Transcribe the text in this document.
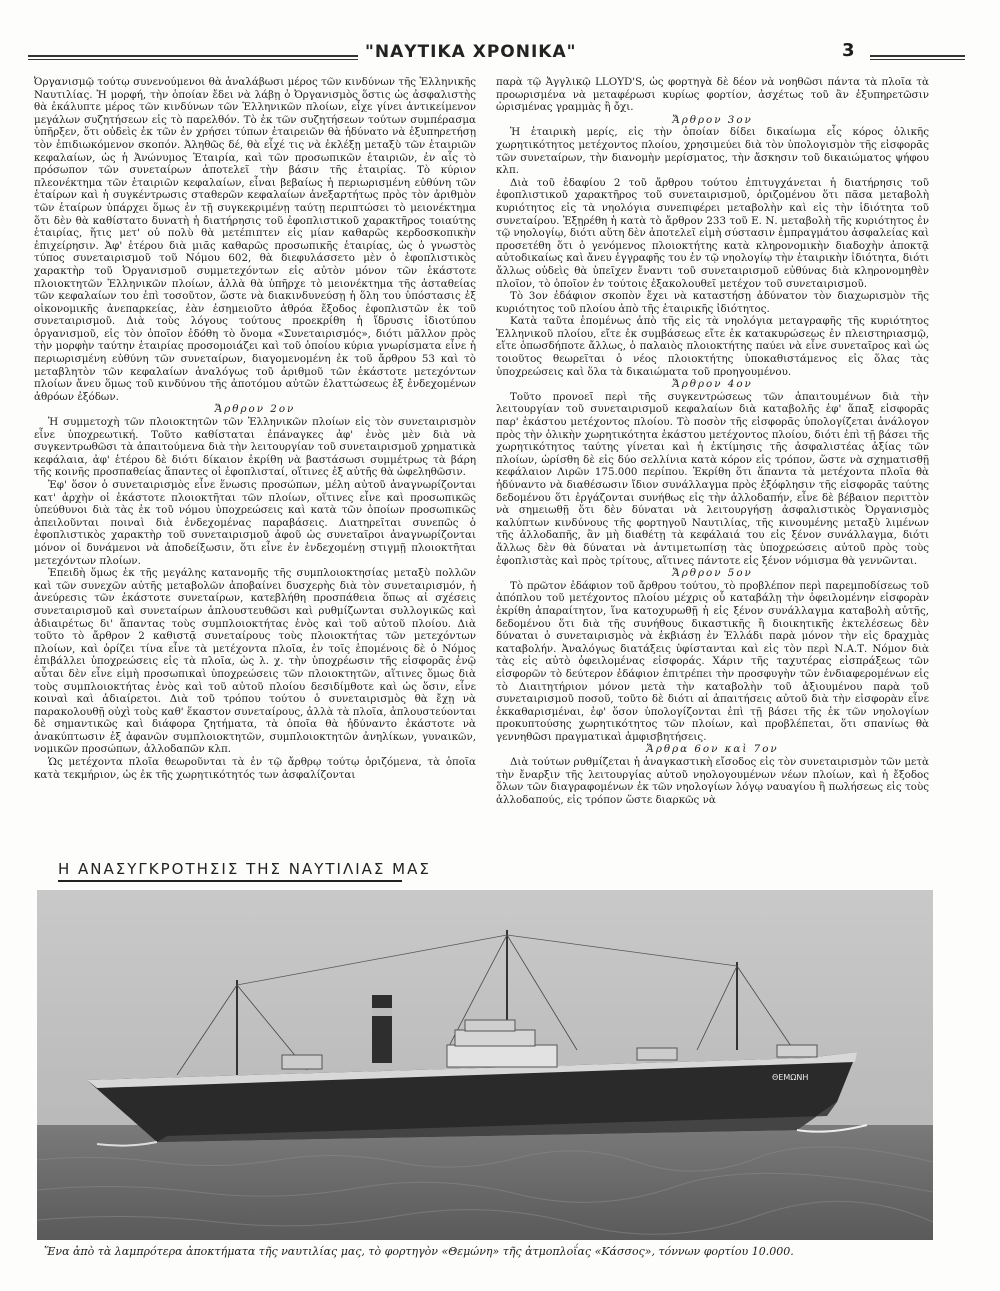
"ΝΑΥΤΙΚΑ ΧΡΟΝΙΚΑ"	3

Ὀργανισμῷ τούτῳ συνενούμενοι θὰ ἀναλάβωσι μέρος τῶν κινδύνων τῆς Ἑλληνικῆς Ναυτιλίας. Ἡ μορφή, τὴν ὁποίαν ἔδει νὰ λάβῃ ὁ Ὀργανισμὸς ὅστις ὡς ἀσφαλιστὴς θὰ ἐκάλυπτε μέρος τῶν κινδύνων τῶν Ἑλληνικῶν πλοίων, εἶχε γίνει ἀντικείμενον μεγάλων συζητήσεων εἰς τὸ παρελθόν. Τὸ ἐκ τῶν συζητήσεων τούτων συμπέρασμα ὑπῆρξεν, ὅτι οὐδεὶς ἐκ τῶν ἐν χρήσει τύπων ἑταιρειῶν θὰ ἠδύνατο νὰ ἐξυπηρετήσῃ τὸν ἐπιδιωκόμενον σκοπόν. Ἀληθῶς δέ, θὰ εἶχέ τις νὰ ἐκλέξῃ μεταξὺ τῶν ἑταιριῶν κεφαλαίων, ὡς ἡ Ἀνώνυμος Ἑταιρία, καὶ τῶν προσωπικῶν ἑταιριῶν, ἐν αἷς τὸ πρόσωπον τῶν συνεταίρων ἀποτελεῖ τὴν βάσιν τῆς ἑταιρίας. Τὸ κύριον πλεονέκτημα τῶν ἑταιριῶν κεφαλαίων, εἶναι βεβαίως ἡ περιωρισμένη εὐθύνη τῶν ἑταίρων καὶ ἡ συγκέντρωσις σταθερῶν κεφαλαίων ἀνεξαρτήτως πρὸς τὸν ἀριθμὸν τῶν ἑταίρων ὑπάρχει ὅμως ἐν τῇ συγκεκριμένῃ ταύτῃ περιπτώσει τὸ μειονέκτημα ὅτι δὲν θὰ καθίστατο δυνατὴ ἡ διατήρησις τοῦ ἐφοπλιστικοῦ χαρακτῆρος τοιαύτης ἑταιρίας, ἥτις μετ' οὐ πολὺ θὰ μετέπιπτεν εἰς μίαν καθαρῶς κερδοσκοπικὴν ἐπιχείρησιν. Ἀφ' ἑτέρου διὰ μιᾶς καθαρῶς προσωπικῆς ἑταιρίας, ὡς ὁ γνωστὸς τύπος συνεταιρισμοῦ τοῦ Νόμου 602, θὰ διεφυλάσσετο μὲν ὁ ἐφοπλιστικὸς χαρακτὴρ τοῦ Ὀργανισμοῦ συμμετεχόντων εἰς αὐτὸν μόνον τῶν ἑκάστοτε πλοιοκτητῶν Ἑλληνικῶν πλοίων, ἀλλὰ θὰ ὑπῆρχε τὸ μειονέκτημα τῆς ἀσταθείας τῶν κεφαλαίων του ἐπὶ τοσοῦτον, ὥστε νὰ διακινδυνεύσῃ ἡ ὅλη του ὑπόστασις ἐξ οἰκονομικῆς ἀνεπαρκείας, ἐὰν ἐσημειοῦτο ἀθρόα ἔξοδος ἐφοπλιστῶν ἐκ τοῦ συνεταιρισμοῦ. Διὰ τοὺς λόγους τούτους προεκρίθη ἡ ἵδρυσις ἰδιοτύπου ὀργανισμοῦ, εἰς τὸν ὁποῖον ἐδόθη τὸ ὄνομα «Συνεταιρισμός», διότι μᾶλλον πρὸς τὴν μορφὴν ταύτην ἑταιρίας προσομοιάζει καὶ τοῦ ὁποίου κύρια γνωρίσματα εἶνε ἡ περιωρισμένη εὐθύνη τῶν συνεταίρων, διαγομενομένη ἐκ τοῦ ἄρθρου 53 καὶ τὸ μεταβλητὸν τῶν κεφαλαίων ἀναλόγως τοῦ ἀριθμοῦ τῶν ἑκάστοτε μετεχόντων πλοίων ἄνευ ὅμως τοῦ κινδύνου τῆς ἀποτόμου αὐτῶν ἐλαττώσεως ἐξ ἐνδεχομένων ἀθρόων ἐξόδων.

Ἄρθρον 2ον

Ἡ συμμετοχὴ τῶν πλοιοκτητῶν τῶν Ἑλληνικῶν πλοίων εἰς τὸν συνεταιρισμὸν εἶνε ὑποχρεωτική. Τοῦτο καθίσταται ἐπάναγκες ἀφ' ἑνὸς μὲν διὰ νὰ συγκεντρωθῶσι τὰ ἀπαιτούμενα διὰ τὴν λειτουργίαν τοῦ συνεταιρισμοῦ χρηματικὰ κεφάλαια, ἀφ' ἑτέρου δὲ διότι δίκαιον ἐκρίθη νὰ βαστάσωσι συμμέτρως τὰ βάρη τῆς κοινῆς προσπαθείας ἅπαντες οἱ ἐφοπλισταί, οἵτινες ἐξ αὐτῆς θὰ ὠφεληθῶσιν.

Ἐφ' ὅσον ὁ συνεταιρισμὸς εἶνε ἕνωσις προσώπων, μέλη αὐτοῦ ἀναγνωρίζονται κατ' ἀρχὴν οἱ ἑκάστοτε πλοιοκτῆται τῶν πλοίων, οἵτινες εἶνε καὶ προσωπικῶς ὑπεύθυνοι διὰ τὰς ἐκ τοῦ νόμου ὑποχρεώσεις καὶ κατὰ τῶν ὁποίων προσωπικῶς ἀπειλοῦνται ποιναὶ διὰ ἐνδεχομένας παραβάσεις. Διατηρεῖται συνεπῶς ὁ ἐφοπλιστικὸς χαρακτὴρ τοῦ συνεταιρισμοῦ ἀφοῦ ὡς συνεταῖροι ἀναγνωρίζονται μόνον οἱ δυνάμενοι νὰ ἀποδείξωσιν, ὅτι εἶνε ἐν ἐνδεχομένῃ στιγμῇ πλοιοκτῆται μετεχόντων πλοίων.

Ἐπειδὴ ὅμως ἐκ τῆς μεγάλης κατανομῆς τῆς συμπλοιοκτησίας μεταξὺ πολλῶν καὶ τῶν συνεχῶν αὐτῆς μεταβολῶν ἀποβαίνει δυσχερὴς διὰ τὸν συνεταιρισμόν, ἡ ἀνεύρεσις τῶν ἑκάστοτε συνεταίρων, κατεβλήθη προσπάθεια ὅπως αἱ σχέσεις συνεταιρισμοῦ καὶ συνεταίρων ἁπλουστευθῶσι καὶ ρυθμίζωνται συλλογικῶς καὶ ἀδιαιρέτως δι' ἅπαντας τοὺς συμπλοιοκτήτας ἑνὸς καὶ τοῦ αὐτοῦ πλοίου. Διὰ τοῦτο τὸ ἄρθρον 2 καθιστᾷ συνεταίρους τοὺς πλοιοκτήτας τῶν μετεχόντων πλοίων, καὶ ὁρίζει τίνα εἶνε τὰ μετέχοντα πλοῖα, ἐν τοῖς ἑπομένοις δὲ ὁ Νόμος ἐπιβάλλει ὑποχρεώσεις εἰς τὰ πλοῖα, ὡς λ. χ. τὴν ὑποχρέωσιν τῆς εἰσφορᾶς ἐνῷ αὗται δὲν εἶνε εἰμὴ προσωπικαὶ ὑποχρεώσεις τῶν πλοιοκτητῶν, αἵτινες ὅμως διὰ τοὺς συμπλοιοκτήτας ἑνὸς καὶ τοῦ αὐτοῦ πλοίου δεσιδίμθοτε καὶ ὡς ὅσιν, εἶνε κοιναὶ καὶ ἀδιαίρετοι. Διὰ τοῦ τρόπου τούτου ὁ συνεταιρισμὸς θὰ ἔχῃ νὰ παρακολουθῇ οὐχὶ τοὺς καθ' ἕκαστον συνεταίρους, ἀλλὰ τὰ πλοῖα, ἁπλουστεύονται δὲ σημαντικῶς καὶ διάφορα ζητήματα, τὰ ὁποῖα θὰ ἠδύναντο ἑκάστοτε νὰ ἀνακύπτωσιν ἐξ ἀφανῶν συμπλοιοκτητῶν, συμπλοιοκτητῶν ἀνηλίκων, γυναικῶν, νομικῶν προσώπων, ἀλλοδαπῶν κλπ.

Ὡς μετέχοντα πλοῖα θεωροῦνται τὰ ἐν τῷ ἄρθρῳ τούτῳ ὁριζόμενα, τὰ ὁποῖα κατὰ τεκμήριον, ὡς ἐκ τῆς χωρητικότητός των ἀσφαλίζονται

παρὰ τῷ Ἀγγλικῷ LLOYD'S, ὡς φορτηγὰ δὲ δέον νὰ νοηθῶσι πάντα τὰ πλοῖα τὰ προωρισμένα νὰ μεταφέρωσι κυρίως φορτίον, ἀσχέτως τοῦ ἂν ἐξυπηρετῶσιν ὡρισμένας γραμμὰς ἢ ὄχι.

Ἄρθρον 3ον

Ἡ ἑταιρικὴ μερίς, εἰς τὴν ὁποίαν δίδει δικαίωμα εἷς κόρος ὁλικῆς χωρητικότητος μετέχοντος πλοίου, χρησιμεύει διὰ τὸν ὑπολογισμὸν τῆς εἰσφορᾶς τῶν συνεταίρων, τὴν διανομὴν μερίσματος, τὴν ἄσκησιν τοῦ δικαιώματος ψήφου κλπ.

Διὰ τοῦ ἐδαφίου 2 τοῦ ἄρθρου τούτου ἐπιτυγχάνεται ἡ διατήρησις τοῦ ἐφοπλιστικοῦ χαρακτῆρος τοῦ συνεταιρισμοῦ, ὁριζομένου ὅτι πᾶσα μεταβολὴ κυριότητος εἰς τὰ νηολόγια συνεπιφέρει μεταβολὴν καὶ εἰς τὴν ἰδιότητα τοῦ συνεταίρου. Ἐξῃρέθη ἡ κατὰ τὸ ἄρθρον 233 τοῦ Ε. Ν. μεταβολὴ τῆς κυριότητος ἐν τῷ νηολογίῳ, διότι αὕτη δὲν ἀποτελεῖ εἰμὴ σύστασιν ἐμπραγμάτου ἀσφαλείας καὶ προσετέθη ὅτι ὁ γενόμενος πλοιοκτήτης κατὰ κληρονομικὴν διαδοχὴν ἀποκτᾷ αὐτοδικαίως καὶ ἄνευ ἐγγραφῆς του ἐν τῷ νηολογίῳ τὴν ἑταιρικὴν ἰδιότητα, διότι ἄλλως οὐδεὶς θὰ ὑπεῖχεν ἔναντι τοῦ συνεταιρισμοῦ εὐθύνας διὰ κληρονομηθὲν πλοῖον, τὸ ὁποῖον ἐν τούτοις ἐξακολουθεῖ μετέχον τοῦ συνεταιρισμοῦ.

Τὸ 3ον ἐδάφιον σκοπὸν ἔχει νὰ καταστήσῃ ἀδύνατον τὸν διαχωρισμὸν τῆς κυριότητος τοῦ πλοίου ἀπὸ τῆς ἑταιρικῆς ἰδιότητος.

Κατὰ ταῦτα ἑπομένως ἀπὸ τῆς εἰς τὰ νηολόγια μεταγραφῆς τῆς κυριότητος Ἑλληνικοῦ πλοίου, εἴτε ἐκ συμβάσεως εἴτε ἐκ κατακυρώσεως ἐν πλειστηριασμῷ, εἴτε ὁπωσδήποτε ἄλλως, ὁ παλαιὸς πλοιοκτήτης παύει νὰ εἶνε συνεταῖρος καὶ ὡς τοιοῦτος θεωρεῖται ὁ νέος πλοιοκτήτης ὑποκαθιστάμενος εἰς ὅλας τὰς ὑποχρεώσεις καὶ ὅλα τὰ δικαιώματα τοῦ προηγουμένου.

Ἄρθρον 4ον

Τοῦτο προνοεῖ περὶ τῆς συγκεντρώσεως τῶν ἀπαιτουμένων διὰ τὴν λειτουργίαν τοῦ συνεταιρισμοῦ κεφαλαίων διὰ καταβολῆς ἐφ' ἅπαξ εἰσφορᾶς παρ' ἑκάστου μετέχοντος πλοίου. Τὸ ποσὸν τῆς εἰσφορᾶς ὑπολογίζεται ἀνάλογον πρὸς τὴν ὁλικὴν χωρητικότητα ἑκάστου μετέχοντος πλοίου, διότι ἐπὶ τῇ βάσει τῆς χωρητικότητος ταύτης γίνεται καὶ ἡ ἐκτίμησις τῆς ἀσφαλιστέας ἀξίας τῶν πλοίων, ὡρίσθη δὲ εἰς δύο σελλίνια κατὰ κόρον εἰς τρόπον, ὥστε νὰ σχηματισθῇ κεφάλαιον Λιρῶν 175.000 περίπου. Ἐκρίθη ὅτι ἅπαντα τὰ μετέχοντα πλοῖα θὰ ἠδύναντο νὰ διαθέσωσιν ἴδιον συνάλλαγμα πρὸς ἐξόφλησιν τῆς εἰσφορᾶς ταύτης δεδομένου ὅτι ἐργάζονται συνήθως εἰς τὴν ἀλλοδαπήν, εἶνε δὲ βέβαιον περιττὸν νὰ σημειωθῇ ὅτι δὲν δύναται νὰ λειτουργήσῃ ἀσφαλιστικὸς Ὀργανισμὸς καλύπτων κινδύνους τῆς φορτηγοῦ Ναυτιλίας, τῆς κινουμένης μεταξὺ λιμένων τῆς ἀλλοδαπῆς, ἂν μὴ διαθέτῃ τὰ κεφάλαιά του εἰς ξένον συνάλλαγμα, διότι ἄλλως δὲν θὰ δύναται νὰ ἀντιμετωπίσῃ τὰς ὑποχρεώσεις αὐτοῦ πρὸς τοὺς ἐφοπλιστὰς καὶ πρὸς τρίτους, αἵτινες πάντοτε εἰς ξένον νόμισμα θὰ γεννῶνται.

Ἄρθρον 5ον

Τὸ πρῶτον ἐδάφιον τοῦ ἄρθρου τούτου, τὸ προβλέπον περὶ παρεμποδίσεως τοῦ ἀπόπλου τοῦ μετέχοντος πλοίου μέχρις οὗ καταβάλῃ τὴν ὀφειλομένην εἰσφορὰν ἐκρίθη ἀπαραίτητον, ἵνα κατοχυρωθῇ ἡ εἰς ξένον συνάλλαγμα καταβολὴ αὐτῆς, δεδομένου ὅτι διὰ τῆς συνήθους δικαστικῆς ἢ διοικητικῆς ἐκτελέσεως δὲν δύναται ὁ συνεταιρισμὸς νὰ ἐκβιάσῃ ἐν Ἑλλάδι παρὰ μόνον τὴν εἰς δραχμὰς καταβολήν. Ἀναλόγως διατάξεις ὑφίστανται καὶ εἰς τὸν περὶ Ν.Α.Τ. Νόμον διὰ τὰς εἰς αὐτὸ ὀφειλομένας εἰσφοράς. Χάριν τῆς ταχυτέρας εἰσπράξεως τῶν εἰσφορῶν τὸ δεύτερον ἐδάφιον ἐπιτρέπει τὴν προσφυγὴν τῶν ἐνδιαφερομένων εἰς τὸ Διαιτητήριον μόνον μετὰ τὴν καταβολὴν τοῦ ἀξιουμένου παρὰ τοῦ συνεταιρισμοῦ ποσοῦ, τοῦτο δὲ διότι αἱ ἀπαιτήσεις αὐτοῦ διὰ τὴν εἰσφορὰν εἶνε ἐκκαθαρισμέναι, ἐφ' ὅσον ὑπολογίζονται ἐπὶ τῇ βάσει τῆς ἐκ τῶν νηολογίων προκυπτούσης χωρητικότητος τῶν πλοίων, καὶ προβλέπεται, ὅτι σπανίως θὰ γεννηθῶσι πραγματικαὶ ἀμφισβητήσεις.

Ἄρθρα 6ον καὶ 7ον

Διὰ τούτων ρυθμίζεται ἡ ἀναγκαστικὴ εἴσοδος εἰς τὸν συνεταιρισμὸν τῶν μετὰ τὴν ἔναρξιν τῆς λειτουργίας αὐτοῦ νηολογουμένων νέων πλοίων, καὶ ἡ ἔξοδος ὅλων τῶν διαγραφομένων ἐκ τῶν νηολογίων λόγῳ ναυαγίου ἢ πωλήσεως εἰς τοὺς ἀλλοδαπούς, εἰς τρόπον ὥστε διαρκῶς νὰ

Η ΑΝΑΣΥΓΚΡΟΤΗΣΙΣ ΤΗΣ ΝΑΥΤΙΛΙΑΣ ΜΑΣ
ΘΕΜΩΝΗ
Ἕνα ἀπὸ τὰ λαμπρότερα ἀποκτήματα τῆς ναυτιλίας μας, τὸ φορτηγὸν «Θεμώνη» τῆς ἀτμοπλοΐας «Κάσσος», τόννων φορτίου 10.000.
